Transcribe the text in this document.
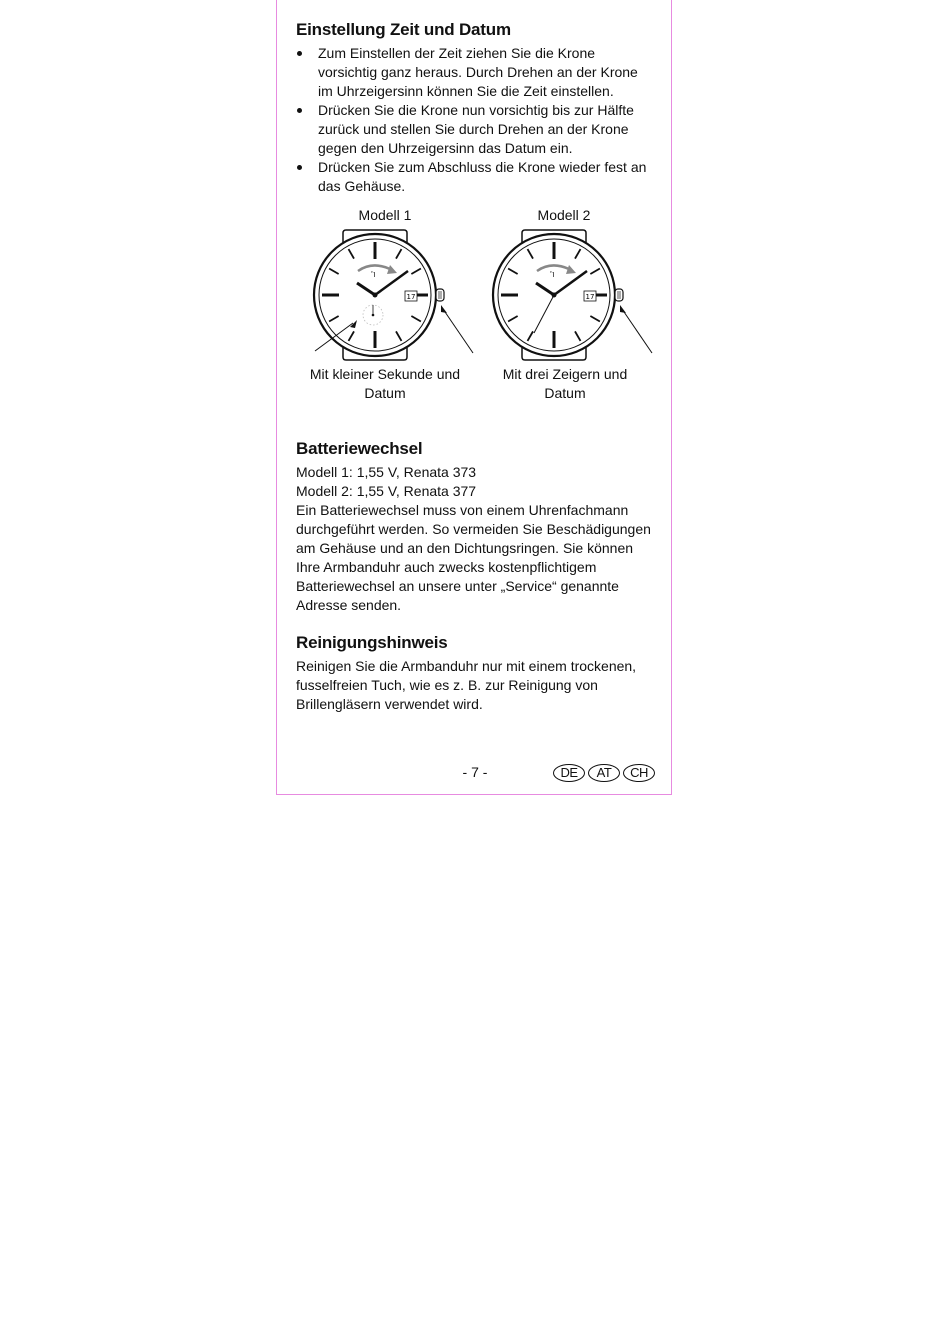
Einstellung Zeit und Datum
Zum Einstellen der Zeit ziehen Sie die Krone vorsichtig ganz heraus. Durch Drehen an der Krone im Uhrzeigersinn können Sie die Zeit einstellen.
Drücken Sie die Krone nun vorsichtig bis zur Hälfte zurück und stellen Sie durch Drehen an der Krone gegen den Uhrzeigersinn das Datum ein.
Drücken Sie zum Abschluss die Krone wieder fest an das Gehäuse.
Modell 1	Modell 2
Ἲ
17
Ἲ
17
Mit kleiner Sekunde und
Datum
Mit drei Zeigern und
Datum
Batteriewechsel

Modell 1: 1,55 V, Renata 373

Modell 2: 1,55 V, Renata 377

Ein Batteriewechsel muss von einem Uhrenfachmann durchgeführt werden. So vermeiden Sie Beschädigungen am Gehäuse und an den Dichtungsringen. Sie können Ihre Armbanduhr auch zwecks kostenpflichtigem Batteriewechsel an unsere unter „Service“ genannte Adresse senden.

Reinigungshinweis

Reinigen Sie die Armbanduhr nur mit einem trockenen, fusselfreien Tuch, wie es z. B. zur Reinigung von Brillengläsern verwendet wird.

- 7 -	DE	AT	CH
